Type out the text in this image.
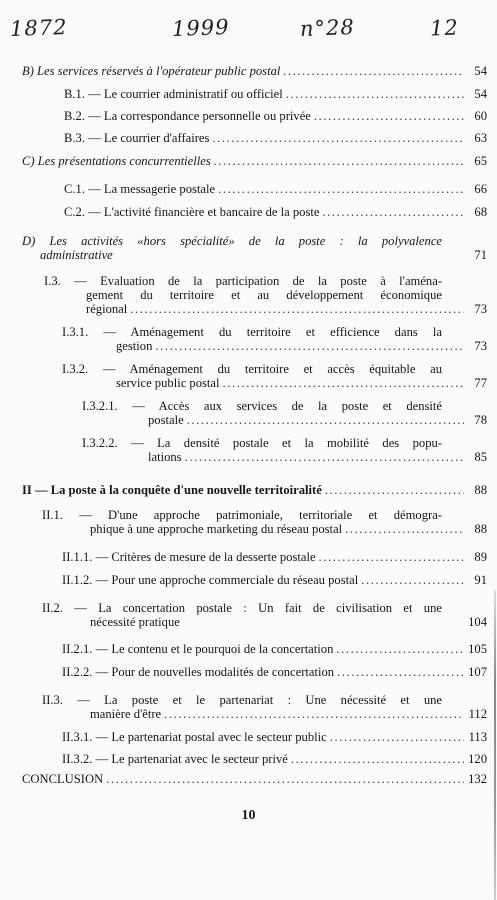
1872	1999	n°28	12
B) Les services réservés à l'opérateur public postal .....	54
B.1. — Le courrier administratif ou officiel .....	54
B.2. — La correspondance personnelle ou privée .....	60
B.3. — Le courrier d'affaires .....	63
C) Les présentations concurrentielles .....	65
C.1. — La messagerie postale .....	66
C.2. — L'activité financière et bancaire de la poste .....	68
D) Les activités «hors spécialité» de la poste : la polyvalence
administrative	71
I.3. — Evaluation de la participation de la poste à l'aména-
gement du territoire et au développement économique
régional .....	73
I.3.1. — Aménagement du territoire et efficience dans la
gestion .....	73
I.3.2. — Aménagement du territoire et accès équitable au
service public postal .....	77
I.3.2.1. — Accès aux services de la poste et densité
postale .....	78
I.3.2.2. — La densité postale et la mobilité des popu-
lations .....	85
II — La poste à la conquête d'une nouvelle territoiralité .....	88
II.1. — D'une approche patrimoniale, territoriale et démogra-
phique à une approche marketing du réseau postal .....	88
II.1.1. — Critères de mesure de la desserte postale .....	89
II.1.2. — Pour une approche commerciale du réseau postal .....	91
II.2. — La concertation postale : Un fait de civilisation et une
nécessité pratique	104
II.2.1. — Le contenu et le pourquoi de la concertation .....	105
II.2.2. — Pour de nouvelles modalités de concertation .....	107
II.3. — La poste et le partenariat : Une nécessité et une
manière d'être .....	112
II.3.1. — Le partenariat postal avec le secteur public .....	113
II.3.2. — Le partenariat avec le secteur privé .....	120
CONCLUSION .....	132
10
